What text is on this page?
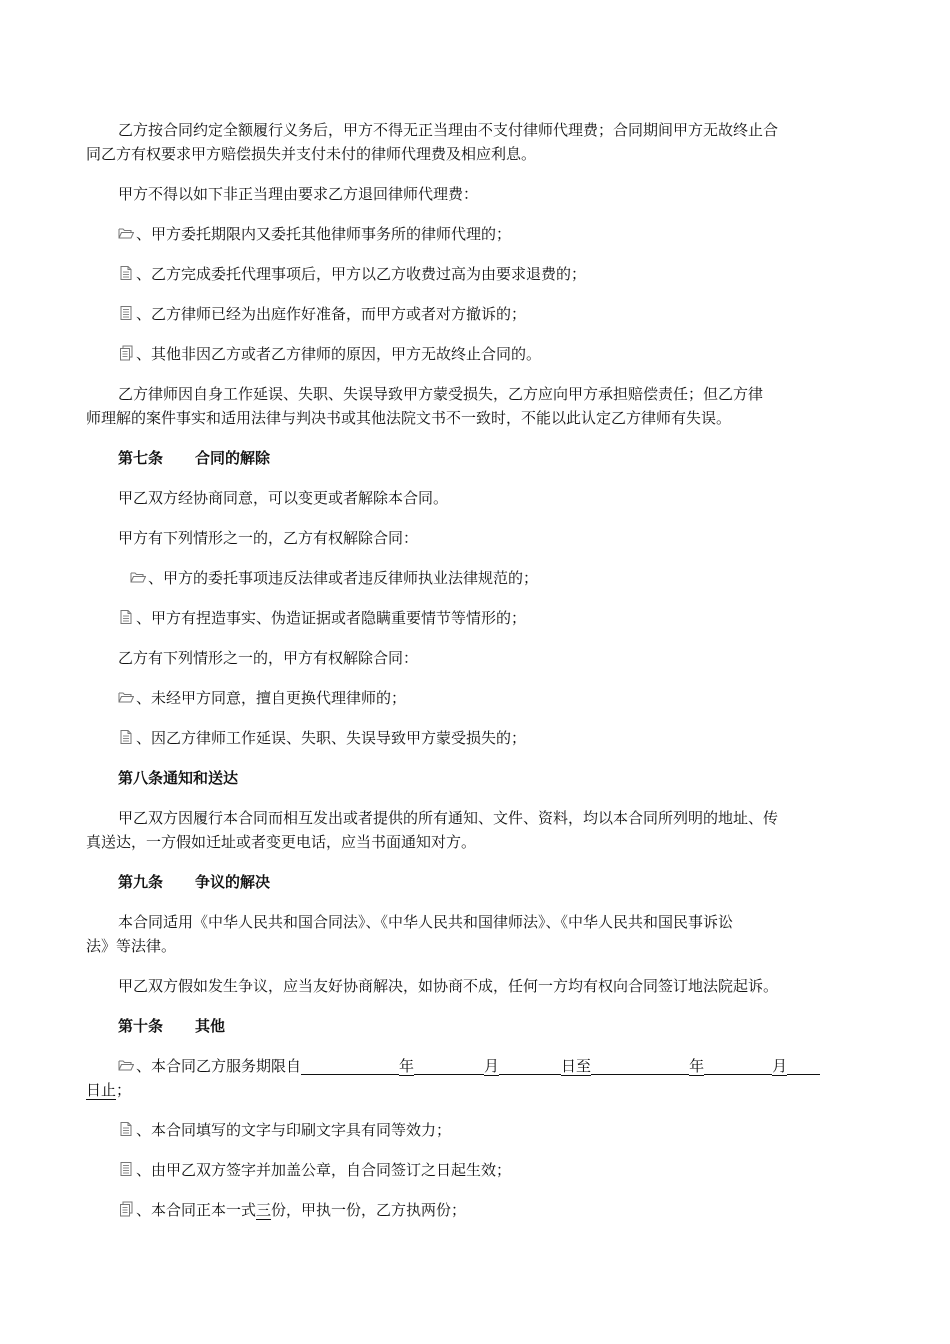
乙方按合同约定全额履行义务后，甲方不得无正当理由不支付律师代理费；合同期间甲方无故终止合
同乙方有权要求甲方赔偿损失并支付未付的律师代理费及相应利息。
甲方不得以如下非正当理由要求乙方退回律师代理费：
、甲方委托期限内又委托其他律师事务所的律师代理的；
、乙方完成委托代理事项后，甲方以乙方收费过高为由要求退费的；
、乙方律师已经为出庭作好准备，而甲方或者对方撤诉的；
、其他非因乙方或者乙方律师的原因，甲方无故终止合同的。
乙方律师因自身工作延误、失职、失误导致甲方蒙受损失，乙方应向甲方承担赔偿责任；但乙方律
师理解的案件事实和适用法律与判决书或其他法院文书不一致时，不能以此认定乙方律师有失误。
第七条 合同的解除
甲乙双方经协商同意，可以变更或者解除本合同。
甲方有下列情形之一的，乙方有权解除合同：
、甲方的委托事项违反法律或者违反律师执业法律规范的；
、甲方有捏造事实、伪造证据或者隐瞒重要情节等情形的；
乙方有下列情形之一的，甲方有权解除合同：
、未经甲方同意，擅自更换代理律师的；
、因乙方律师工作延误、失职、失误导致甲方蒙受损失的；
第八条通知和送达
甲乙双方因履行本合同而相互发出或者提供的所有通知、文件、资料，均以本合同所列明的地址、传
真送达，一方假如迁址或者变更电话，应当书面通知对方。
第九条 争议的解决
本合同适用《中华人民共和国合同法》、《中华人民共和国律师法》、《中华人民共和国民事诉讼
法》等法律。
甲乙双方假如发生争议，应当友好协商解决，如协商不成，任何一方均有权向合同签订地法院起诉。
第十条 其他
、本合同乙方服务期限自	年	月	日至	年	月
日止；
、本合同填写的文字与印刷文字具有同等效力；
、由甲乙双方签字并加盖公章，自合同签订之日起生效；
、本合同正本一式三份，甲执一份，乙方执两份；
